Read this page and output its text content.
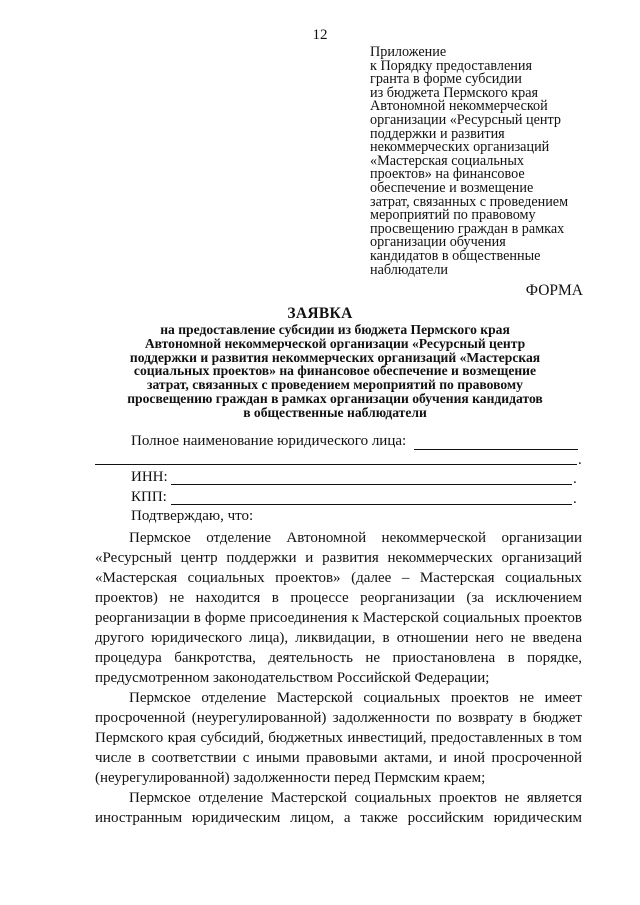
12
Приложение
к Порядку предоставления
гранта в форме субсидии
из бюджета Пермского края
Автономной некоммерческой
организации «Ресурсный центр
поддержки и развития
некоммерческих организаций
«Мастерская социальных
проектов» на финансовое
обеспечение и возмещение
затрат, связанных с проведением
мероприятий по правовому
просвещению граждан в рамках
организации обучения
кандидатов в общественные
наблюдатели
ФОРМА
ЗАЯВКА
на предоставление субсидии из бюджета Пермского края
Автономной некоммерческой организации «Ресурсный центр
поддержки и развития некоммерческих организаций «Мастерская
социальных проектов» на финансовое обеспечение и возмещение
затрат, связанных с проведением мероприятий по правовому
просвещению граждан в рамках организации обучения кандидатов
в общественные наблюдатели
Полное наименование юридического лица:
.
ИНН:	.
КПП:	.
Подтверждаю, что:
Пермское отделение Автономной некоммерческой организации
«Ресурсный центр поддержки и развития некоммерческих организаций
«Мастерская социальных проектов» (далее – Мастерская социальных
проектов) не находится в процессе реорганизации (за исключением
реорганизации в форме присоединения к Мастерской социальных проектов
другого юридического лица), ликвидации, в отношении него не введена
процедура банкротства, деятельность не приостановлена в порядке,
предусмотренном законодательством Российской Федерации;
Пермское отделение Мастерской социальных проектов не имеет
просроченной (неурегулированной) задолженности по возврату в бюджет
Пермского края субсидий, бюджетных инвестиций, предоставленных в том
числе в соответствии с иными правовыми актами, и иной просроченной
(неурегулированной) задолженности перед Пермским краем;
Пермское отделение Мастерской социальных проектов не является
иностранным юридическим лицом, а также российским юридическим
